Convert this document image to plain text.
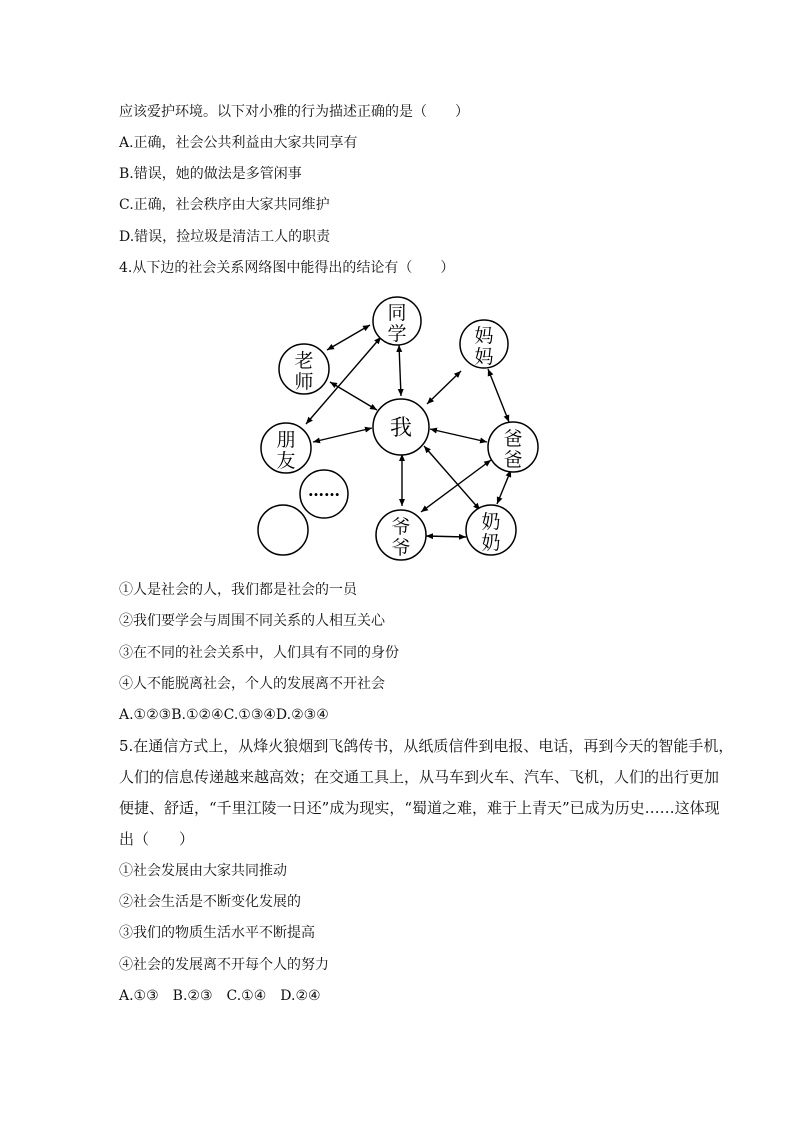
应该爱护环境。以下对小雅的行为描述正确的是（　　）
A.正确，社会公共利益由大家共同享有
B.错误，她的做法是多管闲事
C.正确，社会秩序由大家共同维护
D.错误，捡垃圾是清洁工人的职责
4.从下边的社会关系网络图中能得出的结论有（　　）
同
学
老
师
妈
妈
朋
友
我	爸
爸
……
爷
爷
奶
奶
①人是社会的人，我们都是社会的一员
②我们要学会与周围不同关系的人相互关心
③在不同的社会关系中，人们具有不同的身份
④人不能脱离社会，个人的发展离不开社会
A.①②③B.①②④C.①③④D.②③④
5.在通信方式上，从烽火狼烟到飞鸽传书，从纸质信件到电报、电话，再到今天的智能手机，
人们的信息传递越来越高效；在交通工具上，从马车到火车、汽车、飞机，人们的出行更加
便捷、舒适，“千里江陵一日还”成为现实，“蜀道之难，难于上青天”已成为历史……这体现
出（　　）
①社会发展由大家共同推动
②社会生活是不断变化发展的
③我们的物质生活水平不断提高
④社会的发展离不开每个人的努力
A.①③　B.②③　C.①④　D.②④
